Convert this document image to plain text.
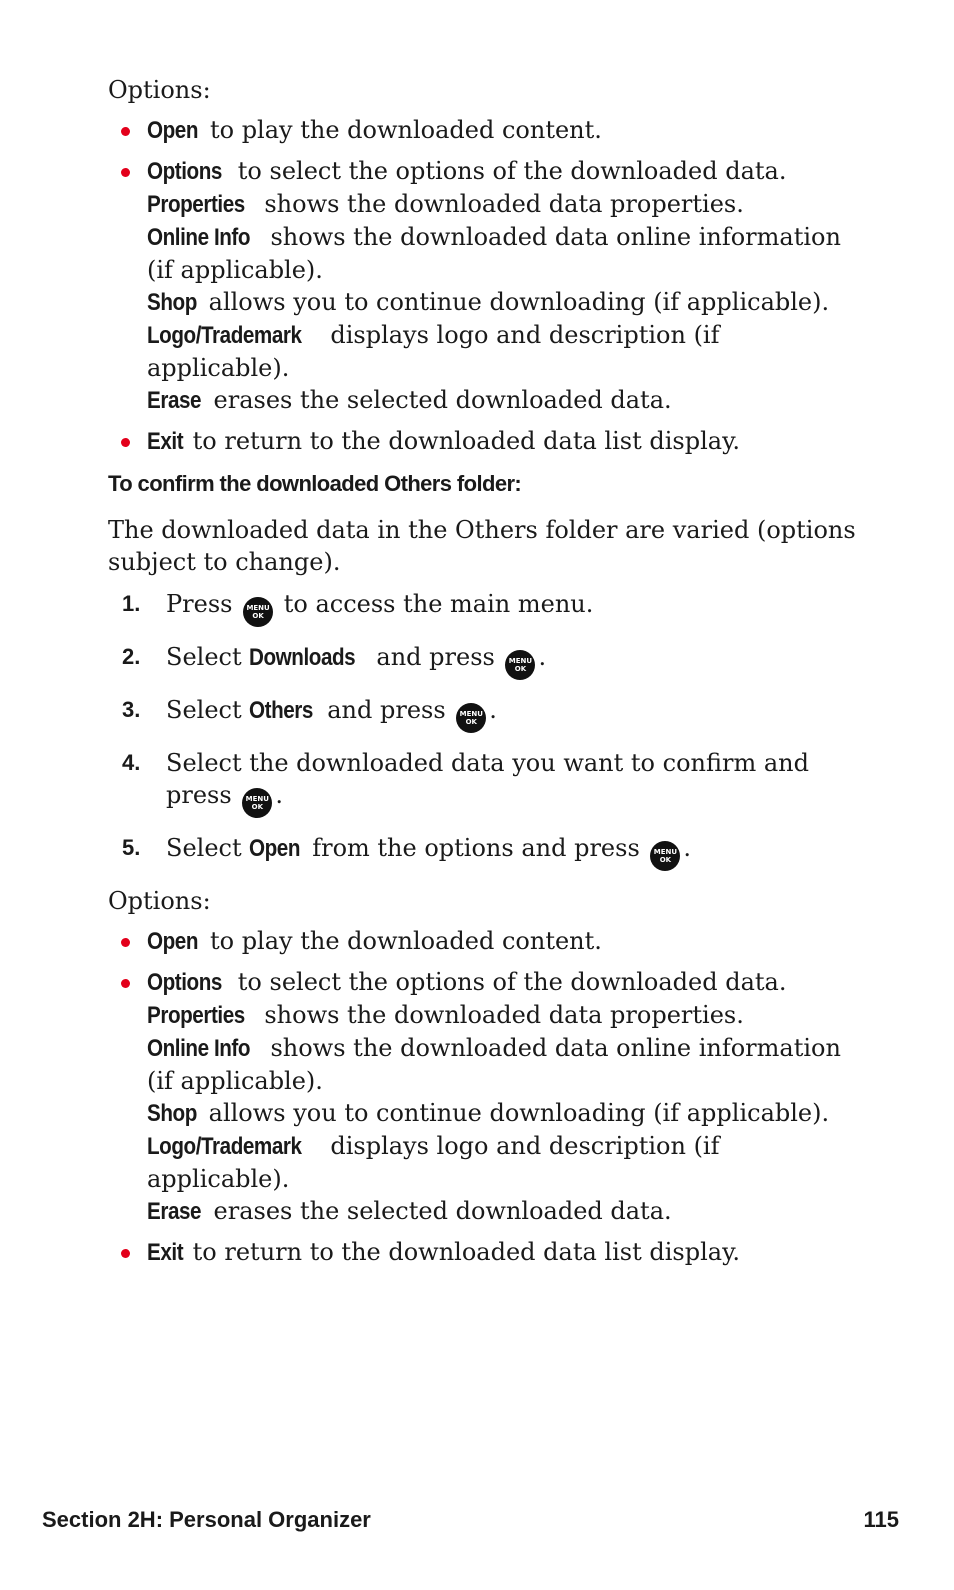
Options:

Open to play the downloaded content.
Options to select the options of the downloaded data.
Properties shows the downloaded data properties.
Online Info shows the downloaded data online information (if applicable).
Shop allows you to continue downloading (if applicable).
Logo/Trademark displays logo and description (if applicable).
Erase erases the selected downloaded data.
Exit to return to the downloaded data list display.
To confirm the downloaded Others folder:

The downloaded data in the Others folder are varied (options subject to change).

1. Press MENU
OK to access the main menu.
2. Select Downloads and press MENU
OK .
3. Select Others and press MENU
OK .
4. Select the downloaded data you want to confirm and press MENU
OK .
5. Select Open from the options and press MENU
OK .

Options:

Open to play the downloaded content.
Options to select the options of the downloaded data.
Properties shows the downloaded data properties.
Online Info shows the downloaded data online information (if applicable).
Shop allows you to continue downloading (if applicable).
Logo/Trademark displays logo and description (if applicable).
Erase erases the selected downloaded data.
Exit to return to the downloaded data list display.
Section 2H: Personal Organizer	115
